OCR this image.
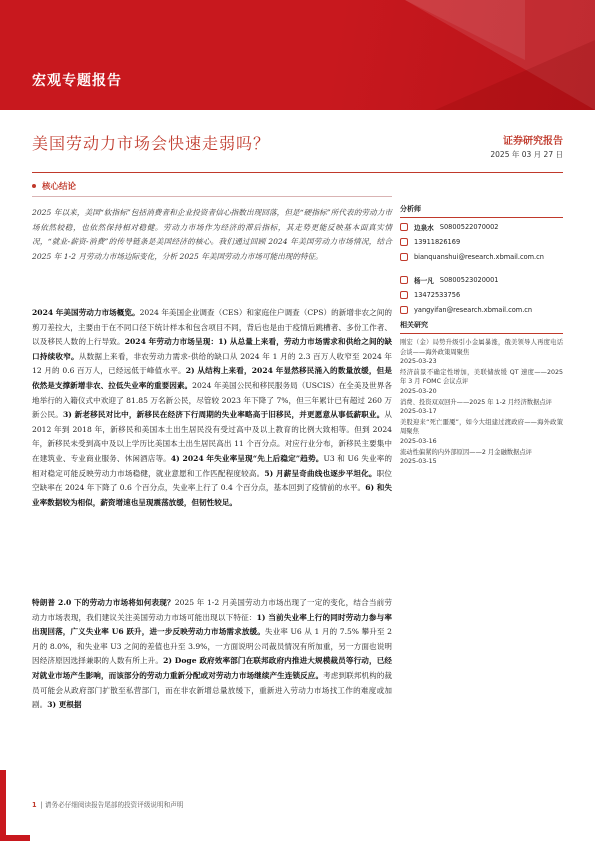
宏观专题报告
美国劳动力市场会快速走弱吗？	证券研究报告
2025 年 03 月 27 日
核心结论

2025 年以来，美国“软指标”包括消费者和企业投资者信心指数出现回落，但是“硬指标”所代表的劳动力市场依然较稳，也依然保持相对稳健。劳动力市场作为经济的滞后指标，其走势更能反映基本面真实情况，“就业-薪资-消费”的传导链条是美国经济的核心。我们通过回顾 2024 年美国劳动力市场情况，结合 2025 年 1-2 月劳动力市场边际变化，分析 2025 年美国劳动力市场可能出现的特征。

2024 年美国劳动力市场概览。2024 年美国企业调查（CES）和家庭住户调查（CPS）的新增非农之间的剪刀差拉大，主要由于在不同口径下统计样本和包含项目不同，背后也是由于疫情后跳槽者、多份工作者、以及移民人数的上行导致。2024 年劳动力市场呈现：1) 从总量上来看，劳动力市场需求和供给之间的缺口持续收窄。从数据上来看，非农劳动力需求-供给的缺口从 2024 年 1 月的 2.3 百万人收窄至 2024 年 12 月的 0.6 百万人，已经远低于峰值水平。2) 从结构上来看，2024 年显然移民涌入的数量放缓，但是依然是支撑新增非农、拉低失业率的重要因素。2024 年美国公民和移民服务局（USCIS）在全美及世界各地举行的入籍仪式中欢迎了 81.85 万名新公民，尽管较 2023 年下降了 7%，但三年累计已有超过 260 万新公民。3) 新老移民对比中，新移民在经济下行周期的失业率略高于旧移民，并更愿意从事低薪职业。从 2012 年到 2018 年，新移民和美国本土出生居民没有受过高中及以上教育的比例大致相等。但到 2024 年，新移民未受到高中及以上学历比美国本土出生居民高出 11 个百分点。对应行业分布，新移民主要集中在建筑业、专业商业服务、休闲酒店等。4) 2024 年失业率呈现“先上后稳定”趋势。U3 和 U6 失业率的相对稳定可能反映劳动力市场稳健，就业意愿和工作匹配程度较高。5) 月薪呈奇曲线也逐步平坦化。职位空缺率在 2024 年下降了 0.6 个百分点，失业率上行了 0.4 个百分点，基本回到了疫情前的水平。6) 和失业率数据较为相似，薪资增速也呈现震荡放缓，但韧性较足。

特朗普 2.0 下的劳动力市场将如何表现？2025 年 1-2 月美国劳动力市场出现了一定的变化，结合当前劳动力市场表现，我们建议关注美国劳动力市场可能出现以下特征：1) 当前失业率上行的同时劳动力参与率出现回落，广义失业率 U6 跃升，进一步反映劳动力市场需求放缓。失业率 U6 从 1 月的 7.5% 攀升至 2 月的 8.0%，和失业率 U3 之间的差值也升至 3.9%，一方面说明公司裁员情况有所加重，另一方面也说明因经济原因选择兼职的人数有所上升。2) Doge 政府效率部门在联邦政府内推进大规模裁员等行动，已经对就业市场产生影响，而该部分的劳动力重新分配或对劳动力市场继续产生连锁反应。考虑到联邦机构的裁员可能会从政府部门扩散至私营部门，而在非农新增总量放缓下，重新进入劳动力市场找工作的难度或加剧。3) 更根据

分析师
边泉水 S0800522070002
13911826169
bianquanshui@research.xbmail.com.cn
杨一凡 S0800523020001
13472533756
yangyifan@research.xbmail.com.cn
相关研究
刚宏（金）局势升级引小金属暴涨，俄美领导人再度电话会谈——海外政策周聚焦
2025-03-23
经济前景不确定性增加，美联储放缓 QT 速度——2025 年 3 月 FOMC 会议点评
2025-03-20
消费、投资双双回升——2025 年 1-2 月经济数据点评
2025-03-17
美股迎来“死亡噩魇”，如今大组建过渡政府——海外政策周聚焦
2025-03-16
流动性偏紧的内外部原因——2 月金融数据点评
2025-03-15
1 | 请务必仔细阅读报告尾部的投资评级说明和声明
